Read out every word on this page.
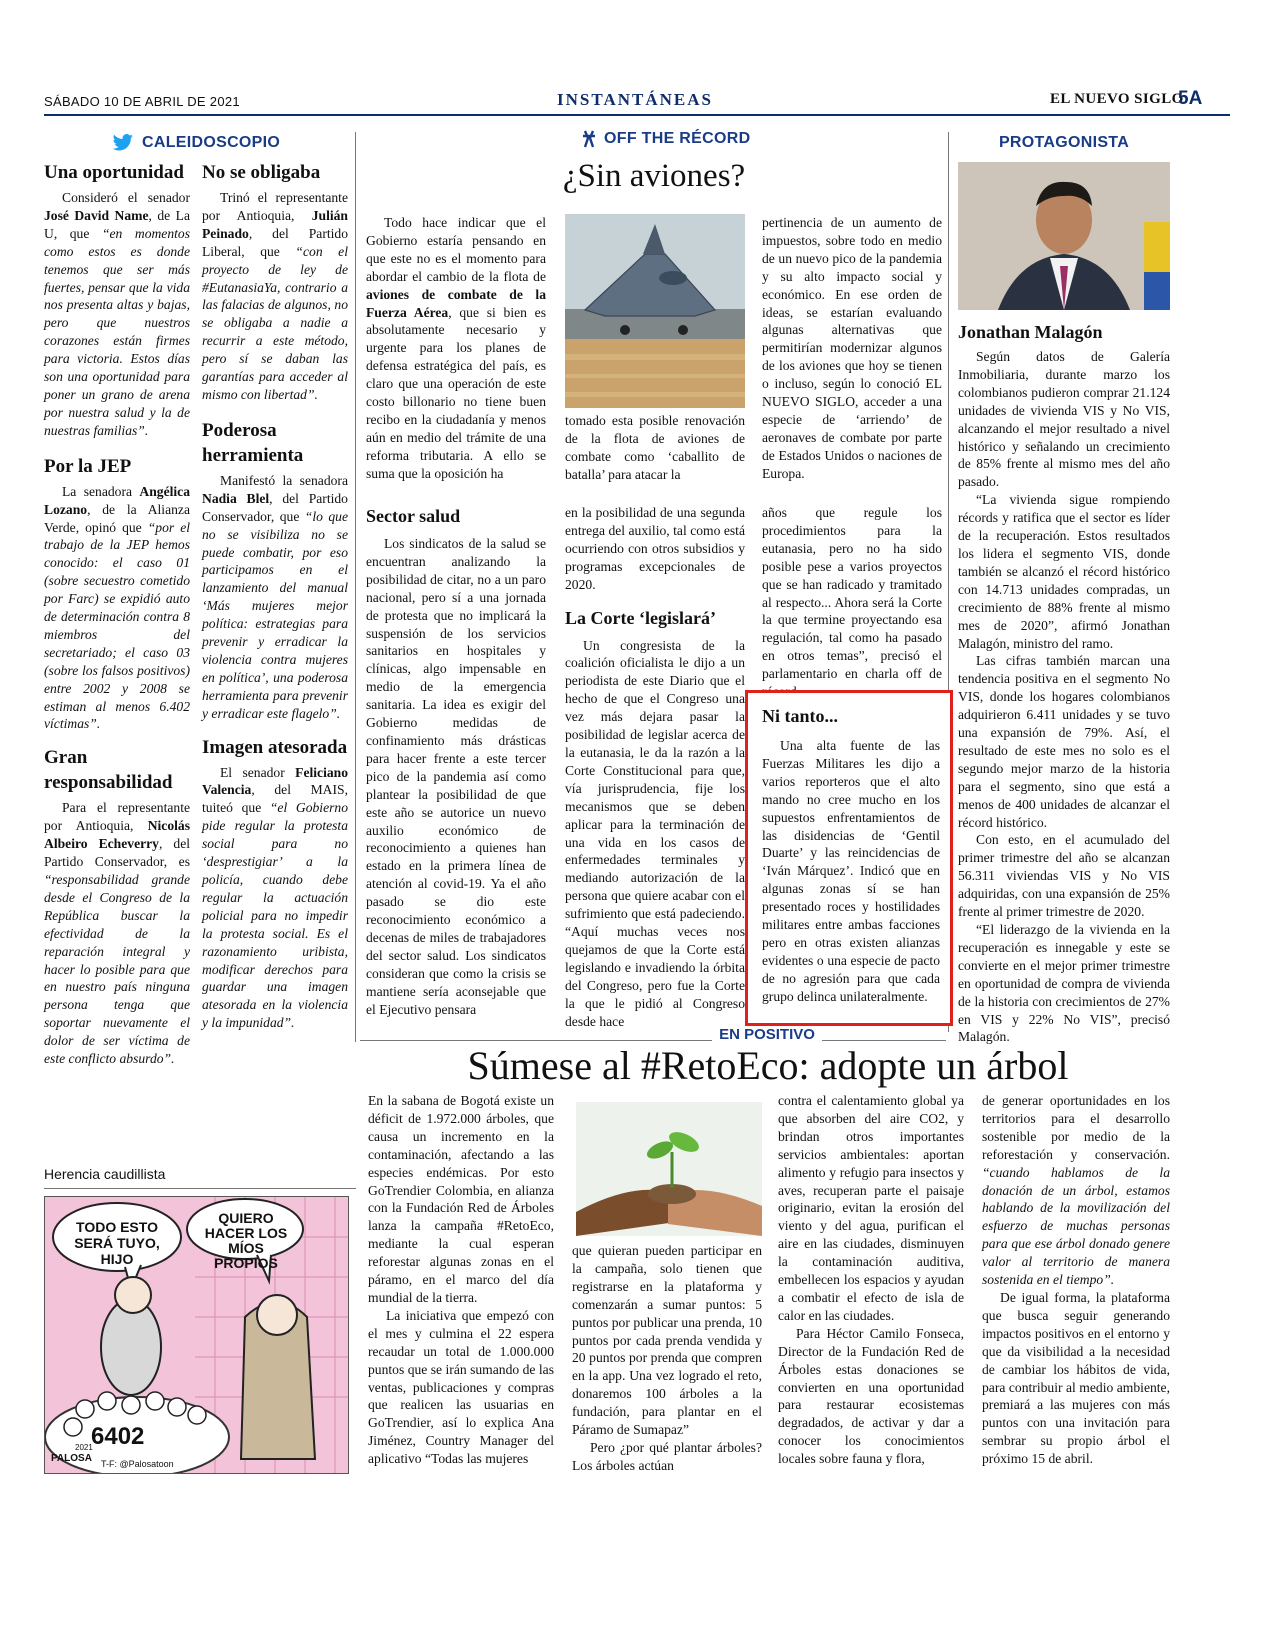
SÁBADO 10 DE ABRIL DE 2021	INSTANTÁNEAS	EL NUEVO SIGLO
5A
CALEIDOSCOPIO
Una oportunidad

Consideró el senador José David Name, de La U, que “en momentos como estos es donde tenemos que ser más fuertes, pensar que la vida nos presenta altas y bajas, pero que nuestros corazones están firmes para victoria. Estos días son una oportunidad para poner un grano de arena por nuestra salud y la de nuestras familias”.

Por la JEP

La senadora Angélica Lozano, de la Alianza Verde, opinó que “por el trabajo de la JEP hemos conocido: el caso 01 (sobre secuestro cometido por Farc) se expidió auto de determinación contra 8 miembros del secretariado; el caso 03 (sobre los falsos positivos) entre 2002 y 2008 se estiman al menos 6.402 víctimas”.

Gran responsabilidad

Para el representante por Antioquia, Nicolás Albeiro Echeverry, del Partido Conservador, es “responsabilidad grande desde el Congreso de la República buscar la efectividad de la reparación integral y hacer lo posible para que en nuestro país ninguna persona tenga que soportar nuevamente el dolor de ser víctima de este conflicto absurdo”.

No se obligaba

Trinó el representante por Antioquia, Julián Peinado, del Partido Liberal, que “con el proyecto de ley de #EutanasiaYa, contrario a las falacias de algunos, no se obligaba a nadie a recurrir a este método, pero sí se daban las garantías para acceder al mismo con libertad”.

Poderosa herramienta

Manifestó la senadora Nadia Blel, del Partido Conservador, que “lo que no se visibiliza no se puede combatir, por eso participamos en el lanzamiento del manual ‘Más mujeres mejor política: estrategias para prevenir y erradicar la violencia contra mujeres en política’, una poderosa herramienta para prevenir y erradicar este flagelo”.

Imagen atesorada

El senador Feliciano Valencia, del MAIS, tuiteó que “el Gobierno pide regular la protesta social para no ‘desprestigiar’ a la policía, cuando debe regular la actuación policial para no impedir la protesta social. Es el razonamiento uribista, modificar derechos para guardar una imagen atesorada en la violencia y la impunidad”.

Herencia caudillista
TODO ESTO SERÁ TUYO, HIJO
QUIERO HACER LOS MÍOS PROPIOS
6402
PALOSA
2021
T-F: @Palosatoon
OFF THE RÉCORD
¿Sin aviones?

Todo hace indicar que el Gobierno estaría pensando en que este no es el momento para abordar el cambio de la flota de aviones de combate de la Fuerza Aérea, que si bien es absolutamente necesario y urgente para los planes de defensa estratégica del país, es claro que una operación de este costo billonario no tiene buen recibo en la ciudadanía y menos aún en medio del trámite de una reforma tributaria. A ello se suma que la oposición ha

tomado esta posible renovación de la flota de aviones de combate como ‘caballito de batalla’ para atacar la

pertinencia de un aumento de impuestos, sobre todo en medio de un nuevo pico de la pandemia y su alto impacto social y económico. En ese orden de ideas, se estarían evaluando algunas alternativas que permitirían modernizar algunos de los aviones que hoy se tienen o incluso, según lo conoció EL NUEVO SIGLO, acceder a una especie de ‘arriendo’ de aeronaves de combate por parte de Estados Unidos o naciones de Europa.

Sector salud

Los sindicatos de la salud se encuentran analizando la posibilidad de citar, no a un paro nacional, pero sí a una jornada de protesta que no implicará la suspensión de los servicios sanitarios en hospitales y clínicas, algo impensable en medio de la emergencia sanitaria. La idea es exigir del Gobierno medidas de confinamiento más drásticas para hacer frente a este tercer pico de la pandemia así como plantear la posibilidad de que este año se autorice un nuevo auxilio económico de reconocimiento a quienes han estado en la primera línea de atención al covid-19. Ya el año pasado se dio este reconocimiento económico a decenas de miles de trabajadores del sector salud. Los sindicatos consideran que como la crisis se mantiene sería aconsejable que el Ejecutivo pensara

en la posibilidad de una segunda entrega del auxilio, tal como está ocurriendo con otros subsidios y programas excepcionales de 2020.

La Corte ‘legislará’

Un congresista de la coalición oficialista le dijo a un periodista de este Diario que el hecho de que el Congreso una vez más dejara pasar la posibilidad de legislar acerca de la eutanasia, le da la razón a la Corte Constitucional para que, vía jurisprudencia, fije los mecanismos que se deben aplicar para la terminación de una vida en los casos de enfermedades terminales y mediando autorización de la persona que quiere acabar con el sufrimiento que está padeciendo. “Aquí muchas veces nos quejamos de que la Corte está legislando e invadiendo la órbita del Congreso, pero fue la Corte la que le pidió al Congreso desde hace

años que regule los procedimientos para la eutanasia, pero no ha sido posible pese a varios proyectos que se han radicado y tramitado al respecto... Ahora será la Corte la que termine proyectando esa regulación, tal como ha pasado en otros temas”, precisó el parlamentario en charla off de

Ni tanto...

Una alta fuente de las Fuerzas Militares les dijo a varios reporteros que el alto mando no cree mucho en los supuestos enfrentamientos de las disidencias de ‘Gentil Duarte’ y las reincidencias de ‘Iván Márquez’. Indicó que en algunas zonas sí se han presentado roces y hostilidades militares entre ambas facciones pero en otras existen alianzas evidentes o una especie de pacto de no agresión para que cada grupo delinca unilateralmente.

PROTAGONISTA
Jonathan Malagón

Según datos de Galería Inmobiliaria, durante marzo los colombianos pudieron comprar 21.124 unidades de vivienda VIS y No VIS, alcanzando el mejor resultado a nivel histórico y señalando un crecimiento de 85% frente al mismo mes del año pasado.

“La vivienda sigue rompiendo récords y ratifica que el sector es líder de la recuperación. Estos resultados los lidera el segmento VIS, donde también se alcanzó el récord histórico con 14.713 unidades compradas, un crecimiento de 88% frente al mismo mes de 2020”, afirmó Jonathan Malagón, ministro del ramo.

Las cifras también marcan una tendencia positiva en el segmento No VIS, donde los hogares colombianos adquirieron 6.411 unidades y se tuvo una expansión de 79%. Así, el resultado de este mes no solo es el segundo mejor marzo de la historia para el segmento, sino que está a menos de 400 unidades de alcanzar el récord histórico.

Con esto, en el acumulado del primer trimestre del año se alcanzan 56.311 viviendas VIS y No VIS adquiridas, con una expansión de 25% frente al primer trimestre de 2020.

“El liderazgo de la vivienda en la recuperación es innegable y este se convierte en el mejor primer trimestre en oportunidad de compra de vivienda de la historia con crecimientos de 27% en VIS y 22% No VIS”, precisó Malagón.

EN POSITIVO
Súmese al #RetoEco: adopte un árbol

En la sabana de Bogotá existe un déficit de 1.972.000 árboles, que causa un incremento en la contaminación, afectando a las especies endémicas. Por esto GoTrendier Colombia, en alianza con la Fundación Red de Árboles lanza la campaña #RetoEco, mediante la cual esperan reforestar algunas zonas en el páramo, en el marco del día mundial de la tierra.

La iniciativa que empezó con el mes y culmina el 22 espera recaudar un total de 1.000.000 puntos que se irán sumando de las ventas, publicaciones y compras que realicen las usuarias en GoTrendier, así lo explica Ana Jiménez, Country Manager del aplicativo “Todas las mujeres

que quieran pueden participar en la campaña, solo tienen que registrarse en la plataforma y comenzarán a sumar puntos: 5 puntos por publicar una prenda, 10 puntos por cada prenda vendida y 20 puntos por prenda que compren en la app. Una vez logrado el reto, donaremos 100 árboles a la fundación, para plantar en el Páramo de Sumapaz”

Pero ¿por qué plantar árboles? Los árboles actúan

contra el calentamiento global ya que absorben del aire CO2, y brindan otros importantes servicios ambientales: aportan alimento y refugio para insectos y aves, recuperan parte el paisaje originario, evitan la erosión del viento y del agua, purifican el aire en las ciudades, disminuyen la contaminación auditiva, embellecen los espacios y ayudan a combatir el efecto de isla de calor en las ciudades.

Para Héctor Camilo Fonseca, Director de la Fundación Red de Árboles estas donaciones se convierten en una oportunidad para restaurar ecosistemas degradados, de activar y dar a conocer los conocimientos locales sobre fauna y flora,

de generar oportunidades en los territorios para el desarrollo sostenible por medio de la reforestación y conservación. “cuando hablamos de la donación de un árbol, estamos hablando de la movilización del esfuerzo de muchas personas para que ese árbol donado genere valor al territorio de manera sostenida en el tiempo”.

De igual forma, la plataforma que busca seguir generando impactos positivos en el entorno y que da visibilidad a la necesidad de cambiar los hábitos de vida, para contribuir al medio ambiente, premiará a las mujeres con más puntos con una invitación para sembrar su propio árbol el próximo 15 de abril.
